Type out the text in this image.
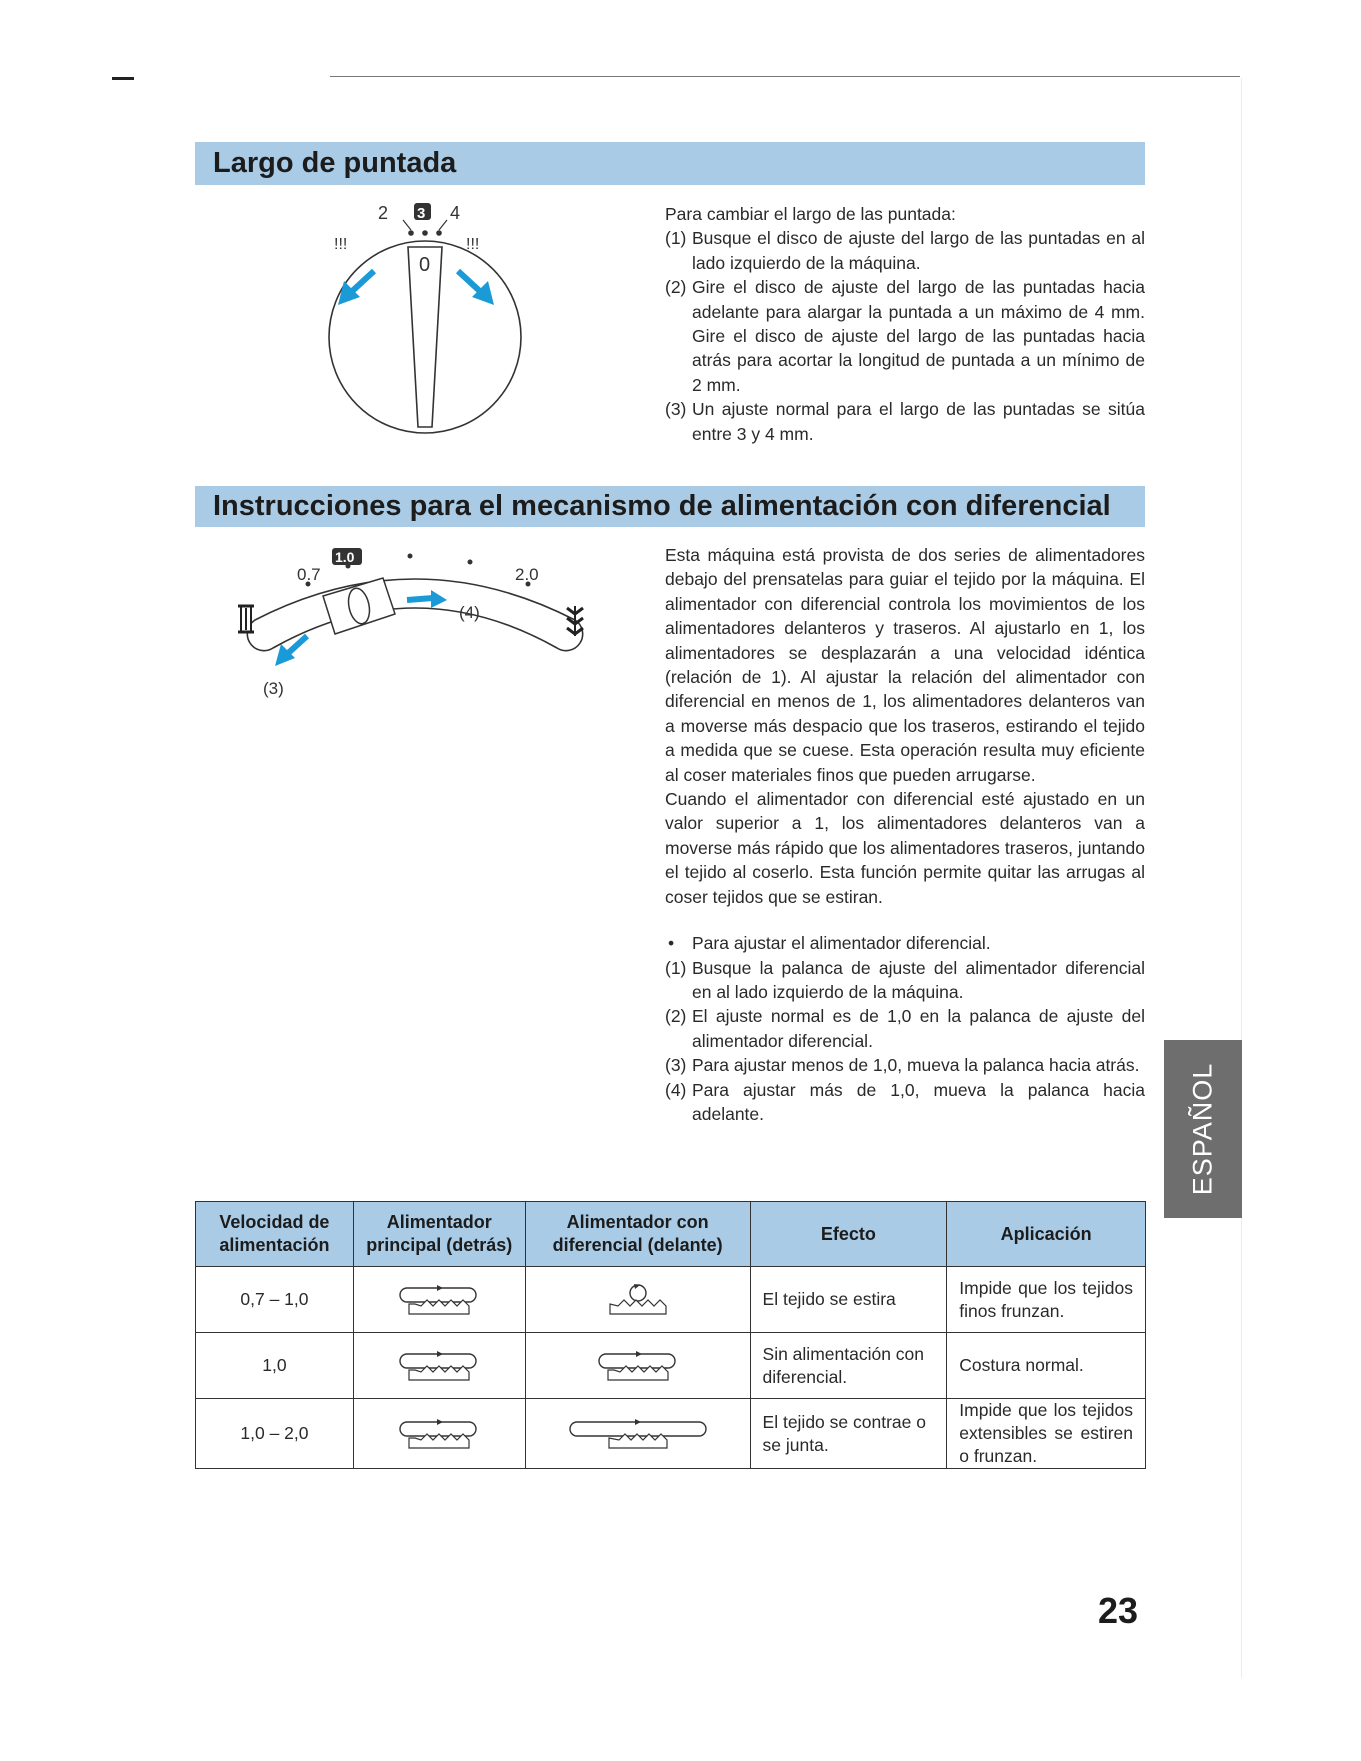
Largo de puntada
0
2 3 4
!!!	!!!

Para cambiar el largo de las puntada:

(1) Busque el disco de ajuste del largo de las puntadas en al lado izquierdo de la máquina.
(2) Gire el disco de ajuste del largo de las puntadas hacia adelante para alargar la puntada a un máximo de 4 mm. Gire el disco de ajuste del largo de las puntadas hacia atrás para acortar la longitud de puntada a un mínimo de 2 mm.
(3) Un ajuste normal para el largo de las puntadas se sitúa entre 3 y 4 mm.
Instrucciones para el mecanismo de alimentación con diferencial
0.7
1.0
2.0
(4)
(3)

Esta máquina está provista de dos series de alimentadores debajo del prensatelas para guiar el tejido por la máquina. El alimentador con diferencial controla los movimientos de los alimentadores delanteros y traseros. Al ajustarlo en 1, los alimentadores se desplazarán a una velocidad idéntica (relación de 1). Al ajustar la relación del alimentador con diferencial en menos de 1, los alimentadores delanteros van a moverse más despacio que los traseros, estirando el tejido a medida que se cuese. Esta operación resulta muy eficiente al coser materiales finos que pueden arrugarse.

Cuando el alimentador con diferencial esté ajustado en un valor superior a 1, los alimentadores delanteros van a moverse más rápido que los alimentadores traseros, juntando el tejido al coserlo. Esta función permite quitar las arrugas al coser tejidos que se estiran.

• Para ajustar el alimentador diferencial.
(1) Busque la palanca de ajuste del alimentador diferencial en al lado izquierdo de la máquina.
(2) El ajuste normal es de 1,0 en la palanca de ajuste del alimentador diferencial.
(3) Para ajustar menos de 1,0, mueva la palanca hacia atrás.
(4) Para ajustar más de 1,0, mueva la palanca hacia adelante.
Velocidad de alimentación	Alimentador principal (detrás)	Alimentador con diferencial (delante)	Efecto	Aplicación
0,7 – 1,0			El tejido se estira	Impide que los tejidos finos frunzan.
1,0			Sin alimentación con diferencial.	Costura normal.
1,0 – 2,0			El tejido se contrae o se junta.	Impide que los tejidos extensibles se estiren o frunzan.
ESPAÑOL
23
